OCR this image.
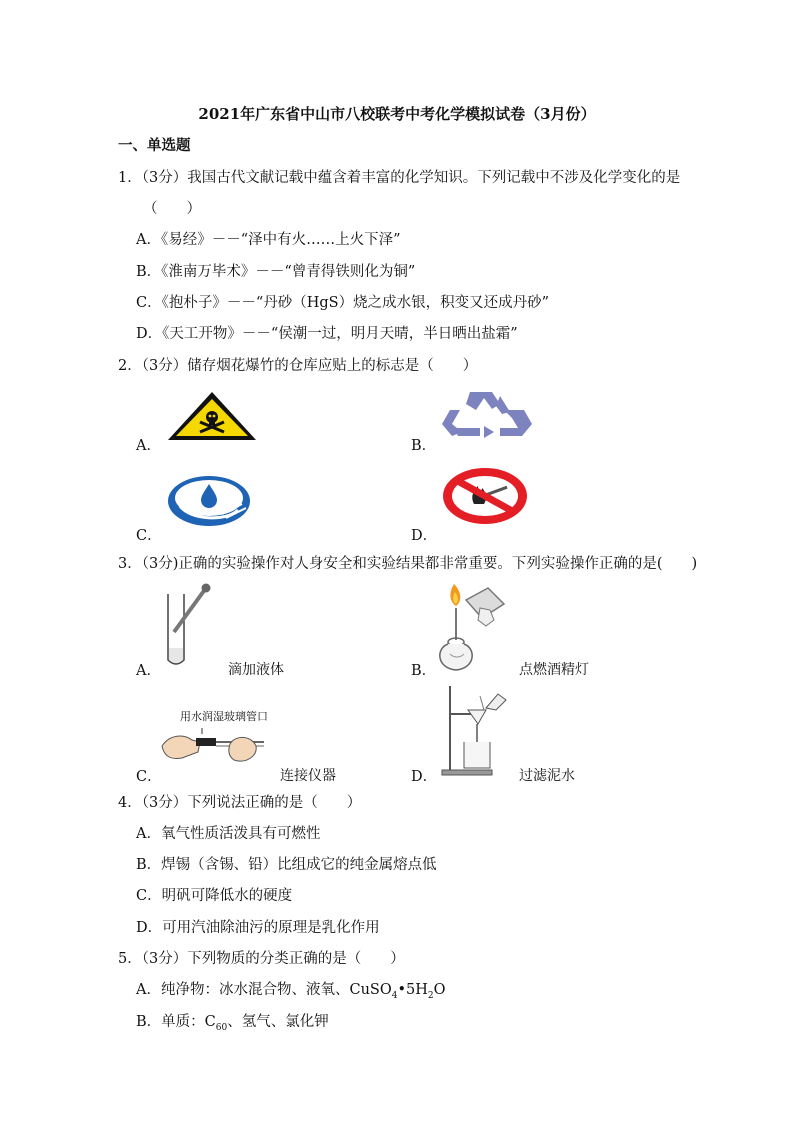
2021年广东省中山市八校联考中考化学模拟试卷（3月份）
一、单选题
1．（3分）我国古代文献记载中蕴含着丰富的化学知识。下列记载中不涉及化学变化的是
（　　）
A．《易经》－－“泽中有火……上火下泽”
B．《淮南万毕术》－－“曾青得铁则化为铜”
C．《抱朴子》－－“丹砂（HgS）烧之成水银，积变又还成丹砂”
D．《天工开物》－－“侯潮一过，明月天晴，半日晒出盐霜”
2．（3分）储存烟花爆竹的仓库应贴上的标志是（　　）
A．	B．
C．	D．
3．（3分)正确的实验操作对人身安全和实验结果都非常重要。下列实验操作正确的是(　　)
A．	滴加液体	B．	点燃酒精灯
C．
用水润湿玻璃管口
连接仪器	D．	过滤泥水
4．（3分）下列说法正确的是（　　）
A．氧气性质活泼具有可燃性
B．焊锡（含锡、铅）比组成它的纯金属熔点低
C．明矾可降低水的硬度
D．可用汽油除油污的原理是乳化作用
5．（3分）下列物质的分类正确的是（　　）
A．纯净物：冰水混合物、液氧、$CuSO_4•5H_2O$
B．单质：$C_{60}$、氢气、氯化钾
